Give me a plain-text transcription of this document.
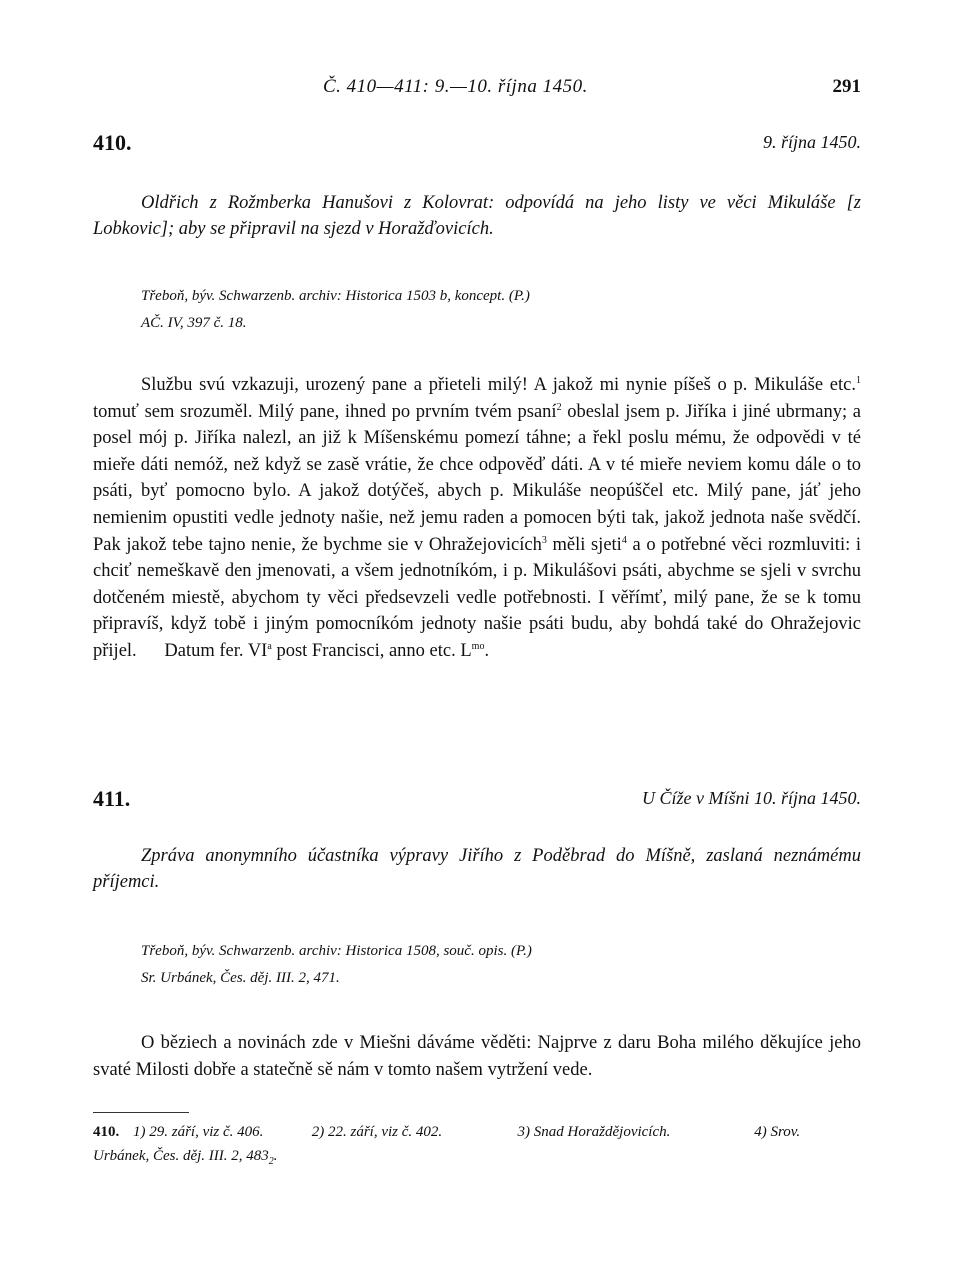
Č. 410—411: 9.—10. října 1450.	291
410.	9. října 1450.
Oldřich z Rožmberka Hanušovi z Kolovrat: odpovídá na jeho listy ve věci Mikuláše [z Lobkovic]; aby se připravil na sjezd v Horažďovicích.
Třeboň, býv. Schwarzenb. archiv: Historica 1503 b, koncept. (P.)
AČ. IV, 397 č. 18.
Službu svú vzkazuji, urozený pane a přieteli milý! A jakož mi nynie píšeš o p. Mikuláše etc.$^1$ tomuť sem srozuměl. Milý pane, ihned po prvním tvém psaní$^2$ obeslal jsem p. Jiříka i jiné ubrmany; a posel mój p. Jiříka nalezl, an již k Míšenskému pomezí táhne; a řekl poslu mému, že odpovědi v té mieře dáti nemóž, než když se zasě vrátie, že chce odpověď dáti. A v té mieře neviem komu dále o to psáti, byť pomocno bylo. A jakož dotýčeš, abych p. Mikuláše neopúščel etc. Milý pane, jáť jeho nemienim opustiti vedle jednoty našie, než jemu raden a pomocen býti tak, jakož jednota naše svědčí. Pak jakož tebe tajno nenie, že bychme sie v Ohražejovicích$^3$ měli sjeti$^4$ a o potřebné věci rozmluviti: i chciť nemeškavě den jmenovati, a všem jednotníkóm, i p. Mikulášovi psáti, abychme se sjeli v svrchu dotčeném miestě, abychom ty věci předsevzeli vedle potřebnosti. I věřímť, milý pane, že se k tomu připravíš, když tobě i jiným pomocníkóm jednoty našie psáti budu, aby bohdá také do Ohražejovic přijel.      Datum fer. $VI^a$ post Francisci, anno etc. $L^{mo}$.
411.	U Číže v Míšni 10. října 1450.
Zpráva anonymního účastníka výpravy Jiřího z Poděbrad do Míšně, zaslaná neznámému příjemci.
Třeboň, býv. Schwarzenb. archiv: Historica 1508, souč. opis. (P.)
Sr. Urbánek, Čes. děj. III. 2, 471.
O běziech a novinách zde v Miešni dáváme věděti: Najprve z daru Boha milého děkujíce jeho svaté Milosti dobře a statečně sě nám v tomto našem vytržení vede.
410. 1) 29. září, viz č. 406.	2) 22. září, viz č. 402.	3) Snad Horaždějovicích.	4) Srov.
Urbánek, Čes. děj. III. 2, $483_2$.
